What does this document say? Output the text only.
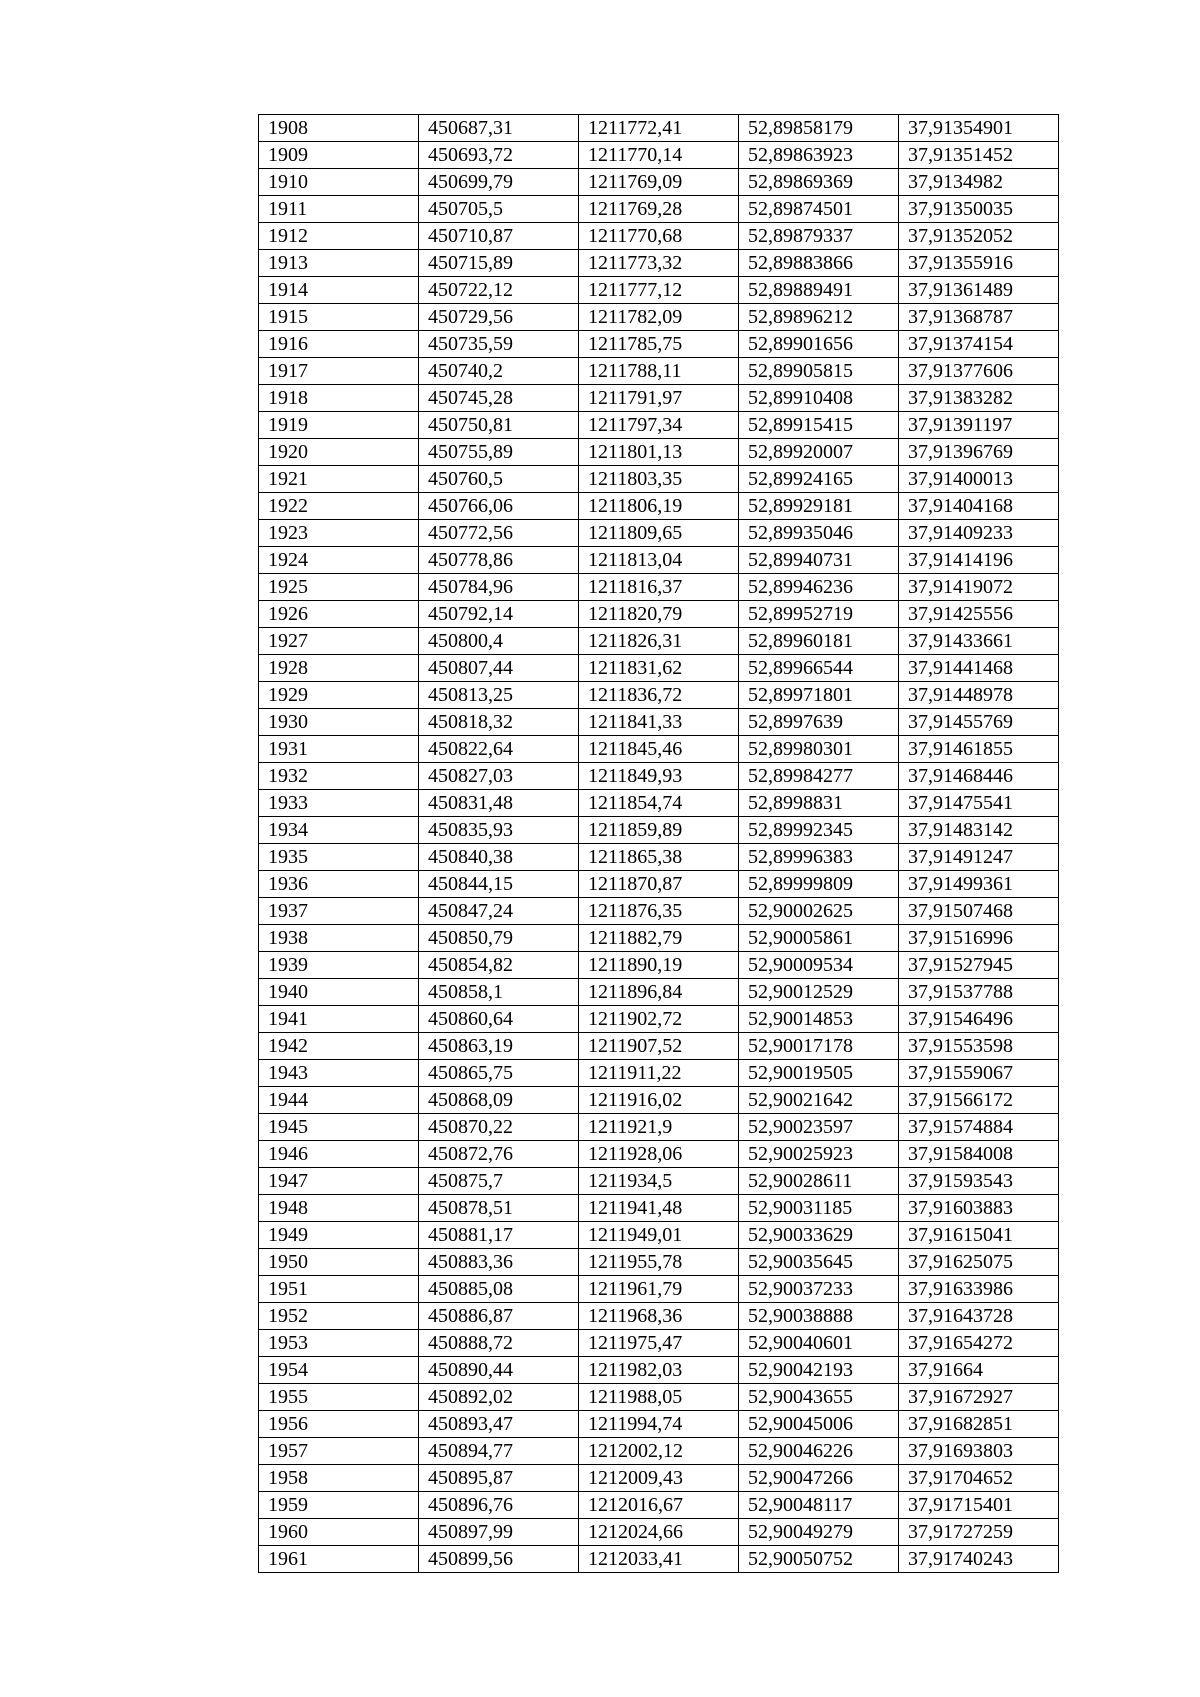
1908	450687,31	1211772,41	52,89858179	37,91354901
1909	450693,72	1211770,14	52,89863923	37,91351452
1910	450699,79	1211769,09	52,89869369	37,9134982
1911	450705,5	1211769,28	52,89874501	37,91350035
1912	450710,87	1211770,68	52,89879337	37,91352052
1913	450715,89	1211773,32	52,89883866	37,91355916
1914	450722,12	1211777,12	52,89889491	37,91361489
1915	450729,56	1211782,09	52,89896212	37,91368787
1916	450735,59	1211785,75	52,89901656	37,91374154
1917	450740,2	1211788,11	52,89905815	37,91377606
1918	450745,28	1211791,97	52,89910408	37,91383282
1919	450750,81	1211797,34	52,89915415	37,91391197
1920	450755,89	1211801,13	52,89920007	37,91396769
1921	450760,5	1211803,35	52,89924165	37,91400013
1922	450766,06	1211806,19	52,89929181	37,91404168
1923	450772,56	1211809,65	52,89935046	37,91409233
1924	450778,86	1211813,04	52,89940731	37,91414196
1925	450784,96	1211816,37	52,89946236	37,91419072
1926	450792,14	1211820,79	52,89952719	37,91425556
1927	450800,4	1211826,31	52,89960181	37,91433661
1928	450807,44	1211831,62	52,89966544	37,91441468
1929	450813,25	1211836,72	52,89971801	37,91448978
1930	450818,32	1211841,33	52,8997639	37,91455769
1931	450822,64	1211845,46	52,89980301	37,91461855
1932	450827,03	1211849,93	52,89984277	37,91468446
1933	450831,48	1211854,74	52,8998831	37,91475541
1934	450835,93	1211859,89	52,89992345	37,91483142
1935	450840,38	1211865,38	52,89996383	37,91491247
1936	450844,15	1211870,87	52,89999809	37,91499361
1937	450847,24	1211876,35	52,90002625	37,91507468
1938	450850,79	1211882,79	52,90005861	37,91516996
1939	450854,82	1211890,19	52,90009534	37,91527945
1940	450858,1	1211896,84	52,90012529	37,91537788
1941	450860,64	1211902,72	52,90014853	37,91546496
1942	450863,19	1211907,52	52,90017178	37,91553598
1943	450865,75	1211911,22	52,90019505	37,91559067
1944	450868,09	1211916,02	52,90021642	37,91566172
1945	450870,22	1211921,9	52,90023597	37,91574884
1946	450872,76	1211928,06	52,90025923	37,91584008
1947	450875,7	1211934,5	52,90028611	37,91593543
1948	450878,51	1211941,48	52,90031185	37,91603883
1949	450881,17	1211949,01	52,90033629	37,91615041
1950	450883,36	1211955,78	52,90035645	37,91625075
1951	450885,08	1211961,79	52,90037233	37,91633986
1952	450886,87	1211968,36	52,90038888	37,91643728
1953	450888,72	1211975,47	52,90040601	37,91654272
1954	450890,44	1211982,03	52,90042193	37,91664
1955	450892,02	1211988,05	52,90043655	37,91672927
1956	450893,47	1211994,74	52,90045006	37,91682851
1957	450894,77	1212002,12	52,90046226	37,91693803
1958	450895,87	1212009,43	52,90047266	37,91704652
1959	450896,76	1212016,67	52,90048117	37,91715401
1960	450897,99	1212024,66	52,90049279	37,91727259
1961	450899,56	1212033,41	52,90050752	37,91740243
